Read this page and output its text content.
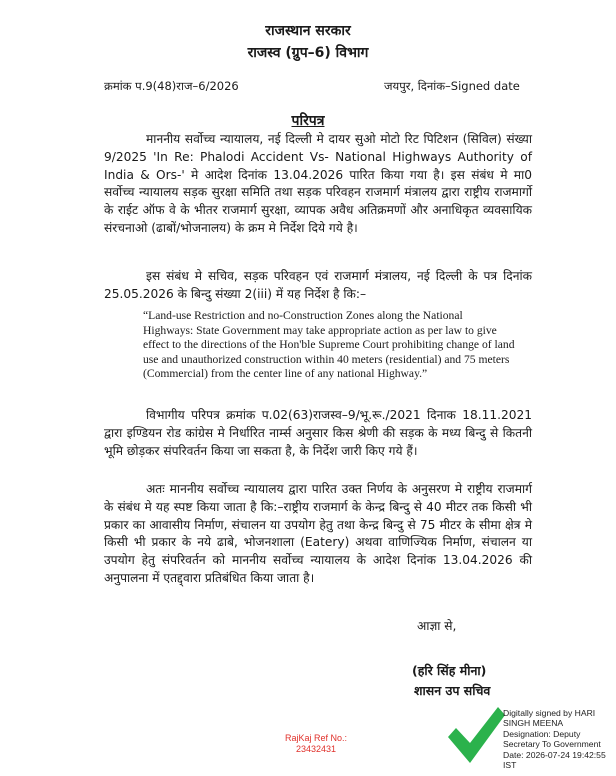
राजस्थान सरकार
राजस्व (ग्रुप–6) विभाग
क्रमांक प.9(48)राज–6/2026	जयपुर, दिनांक–Signed date
परिपत्र
माननीय सर्वोच्च न्यायालय, नई दिल्ली मे दायर सुओ मोटो रिट पिटिशन (सिविल) संख्या 9/2025 'In Re: Phalodi Accident Vs- National Highways Authority of India & Ors-' मे आदेश दिनांक 13.04.2026 पारित किया गया है। इस संबंध मे मा0 सर्वोच्च न्यायालय सड़क सुरक्षा समिति तथा सड़क परिवहन राजमार्ग मंत्रालय द्वारा राष्ट्रीय राजमार्गो के राईट ऑफ वे के भीतर राजमार्ग सुरक्षा, व्यापक अवैध अतिक्रमणों और अनाधिकृत व्यवसायिक संरचनाओ (ढाबों/भोजनालय) के क्रम मे निर्देश दिये गये है।
इस संबंध मे सचिव, सड़क परिवहन एवं राजमार्ग मंत्रालय, नई दिल्ली के पत्र दिनांक 25.05.2026 के बिन्दु संख्या 2(iii) में यह निर्देश है कि:–
“Land-use Restriction and no-Construction Zones along the National Highways: State Government may take appropriate action as per law to give effect to the directions of the Hon'ble Supreme Court prohibiting change of land use and unauthorized construction within 40 meters (residential) and 75 meters (Commercial) from the center line of any national Highway.”
विभागीय परिपत्र क्रमांक प.02(63)राजस्व–9/भू.रू./2021 दिनाक 18.11.2021 द्वारा इण्डियन रोड कांग्रेस मे निर्धारित नार्म्स अनुसार किस श्रेणी की सड़क के मध्य बिन्दु से कितनी भूमि छोड़कर संपरिवर्तन किया जा सकता है, के निर्देश जारी किए गये हैं।
अतः माननीय सर्वोच्च न्यायालय द्वारा पारित उक्त निर्णय के अनुसरण मे राष्ट्रीय राजमार्ग के संबंध मे यह स्पष्ट किया जाता है कि:–राष्ट्रीय राजमार्ग के केन्द्र बिन्दु से 40 मीटर तक किसी भी प्रकार का आवासीय निर्माण, संचालन या उपयोग हेतु तथा केन्द्र बिन्दु से 75 मीटर के सीमा क्षेत्र मे किसी भी प्रकार के नये ढाबे, भोजनशाला (Eatery) अथवा वाणिज्यिक निर्माण, संचालन या उपयोग हेतु संपरिवर्तन को माननीय सर्वोच्च न्यायालय के आदेश दिनांक 13.04.2026 की अनुपालना में एतद्द्वारा प्रतिबंधित किया जाता है।
आज्ञा से,
(हरि सिंह मीना)
शासन उप सचिव
RajKaj Ref No.:
23432431
Digitally signed by HARI SINGH MEENA
Designation: Deputy Secretary To Government
Date: 2026-07-24 19:42:55 IST
